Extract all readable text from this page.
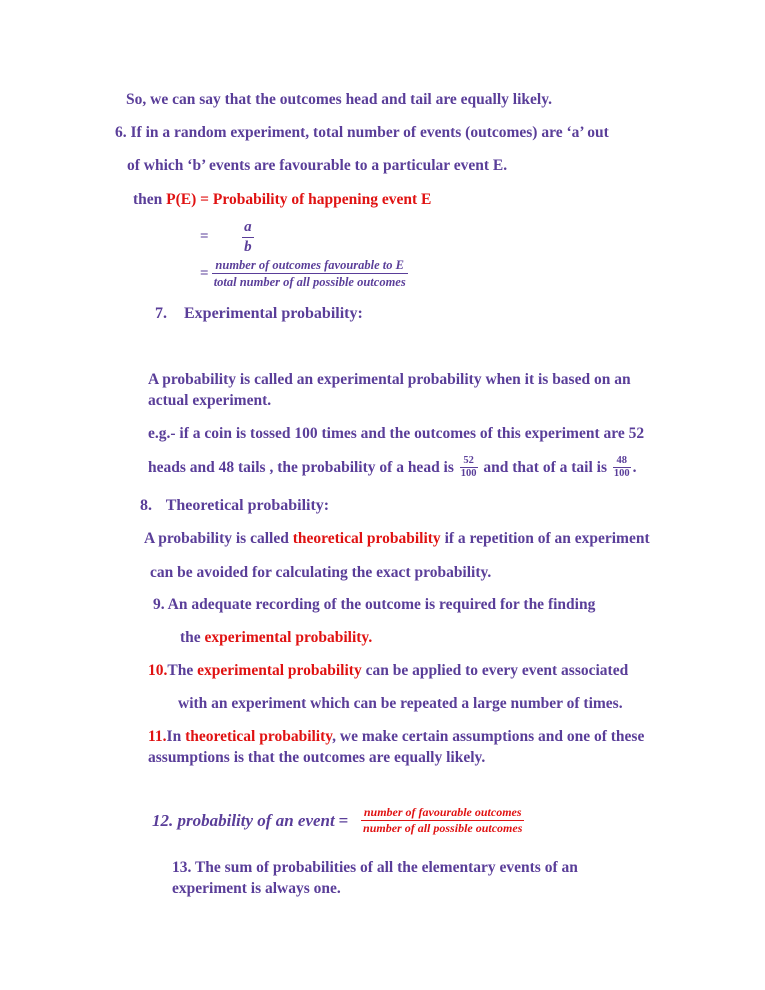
So, we can say that the outcomes head and tail are equally likely.
6. If in a random experiment, total number of events (outcomes) are ‘a’ out
of which ‘b’ events are favourable to a particular event E.
then P(E) = Probability of happening event E
= $\frac{a}{b}$
= $\frac{\text{number of outcomes favourable to E}}{\text{total number of all possible outcomes}}$
7. Experimental probability:
A probability is called an experimental probability when it is based on an actual experiment.
e.g.- if a coin is tossed 100 times and the outcomes of this experiment are 52
heads and 48 tails , the probability of a head is $\frac{52}{100}$ and that of a tail is $\frac{48}{100}$ .
8. Theoretical probability:
A probability is called theoretical probability if a repetition of an experiment
can be avoided for calculating the exact probability.
9. An adequate recording of the outcome is required for the finding
the experimental probability.
10.The experimental probability can be applied to every event associated
with an experiment which can be repeated a large number of times.
11.In theoretical probability, we make certain assumptions and one of these assumptions is that the outcomes are equally likely.
12. probability of an event = $\frac{\text{number of favourable outcomes}}{\text{number of all possible outcomes}}$
13. The sum of probabilities of all the elementary events of an experiment is always one.
